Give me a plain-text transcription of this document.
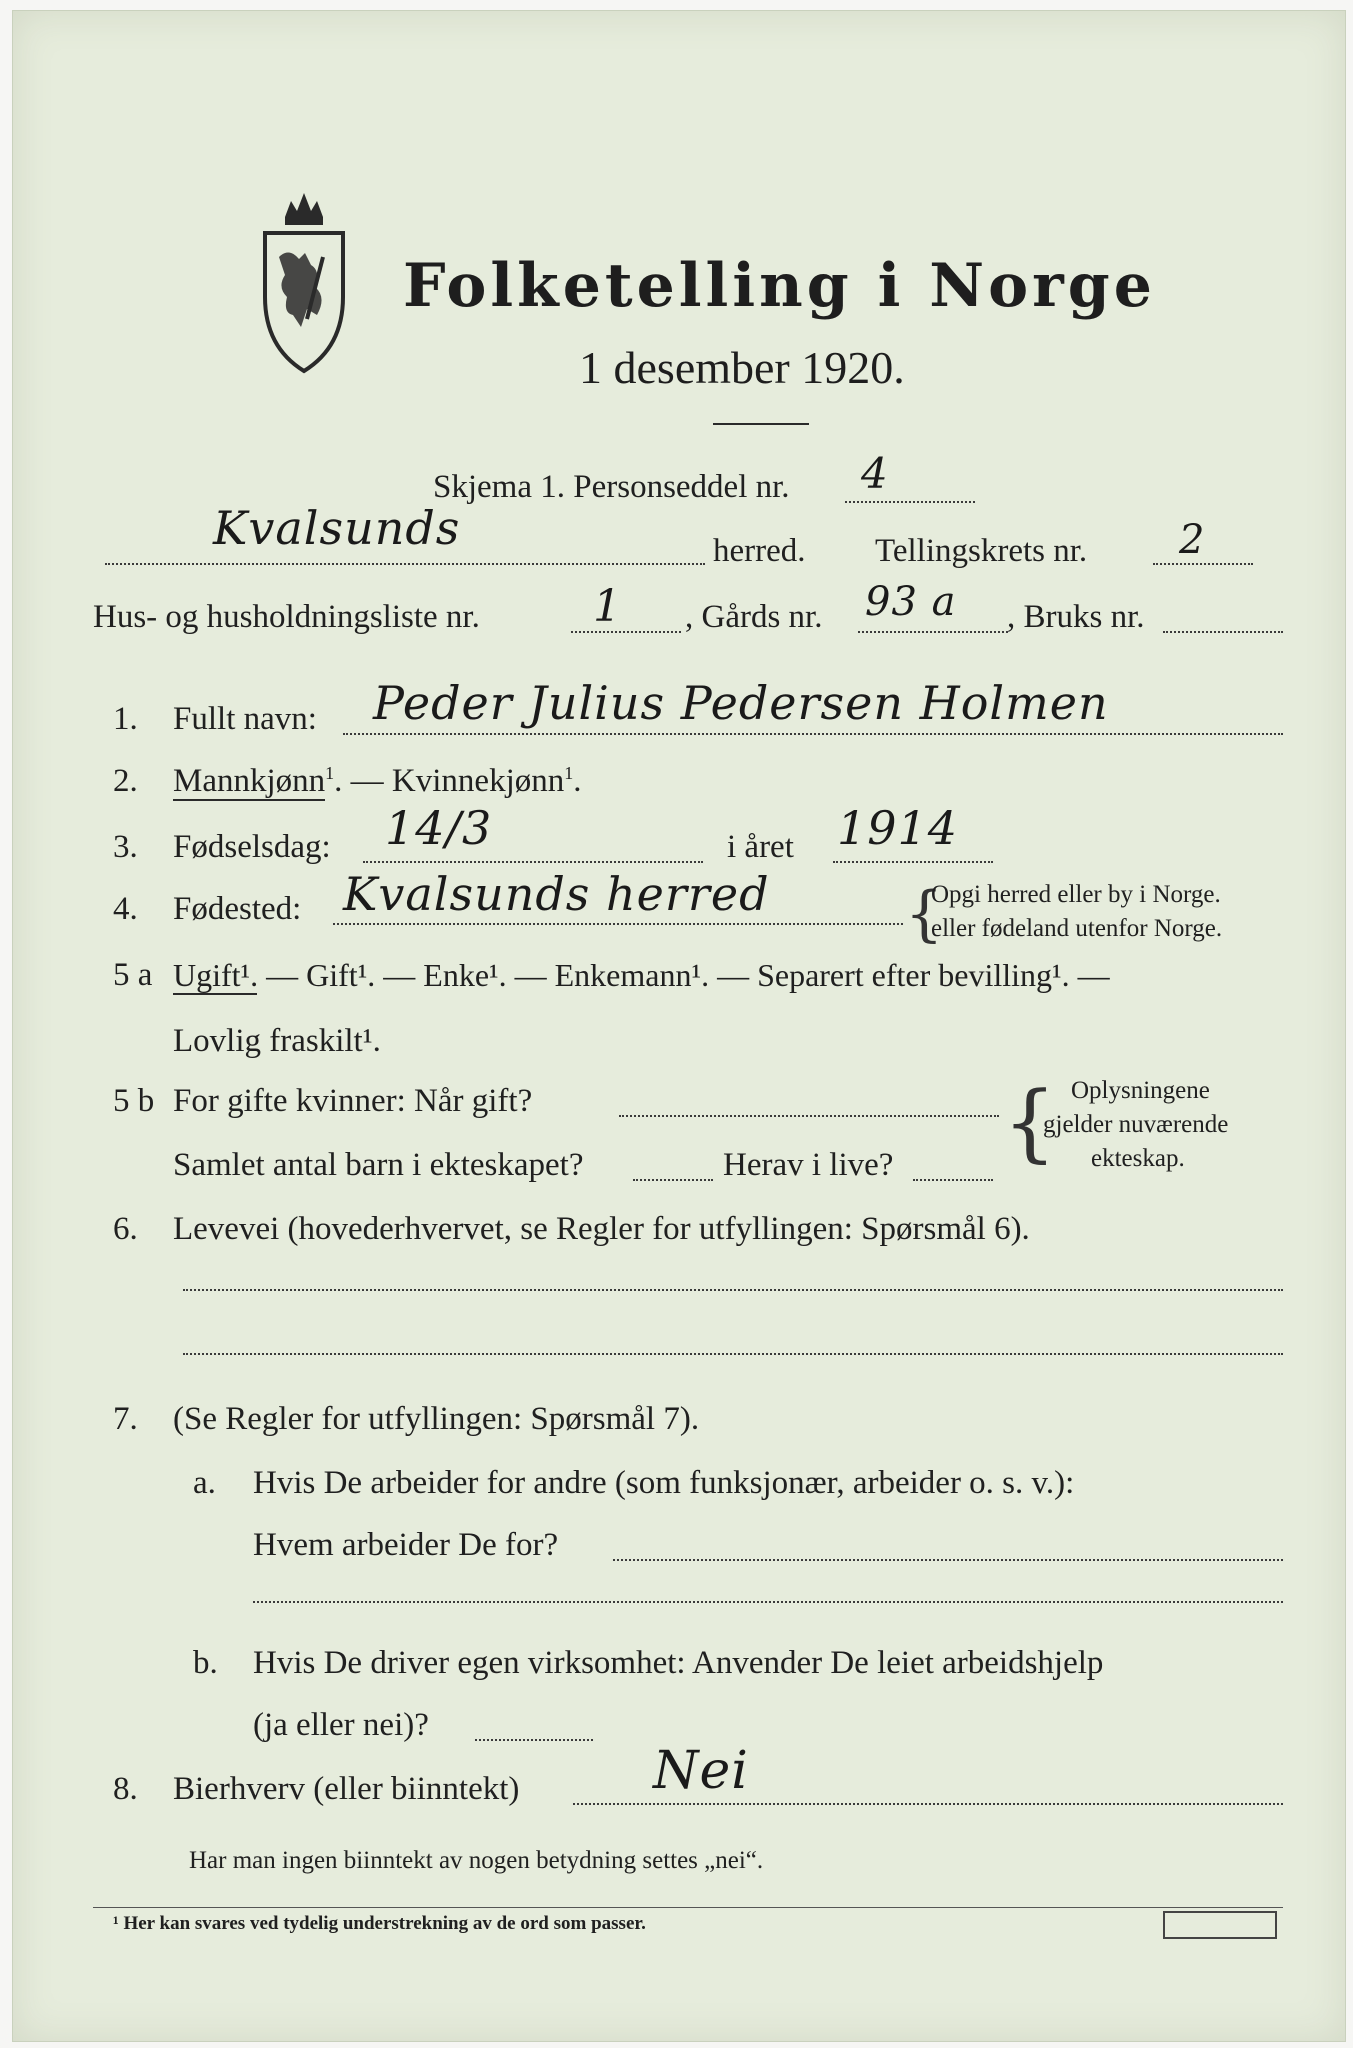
Folketelling i Norge
1 desember 1920.
Skjema 1. Personseddel nr. 4
Kvalsunds	herred. Tellingskrets nr. 2
Hus- og husholdningsliste nr.	1 , Gårds nr. 93 a , Bruks nr.
1. Fullt navn: Peder Julius Pedersen Holmen
2. Mannkjønn$^1$. — Kvinnekjønn$^1$.
3. Fødselsdag: 14/3	i året 1914
4. Fødested: Kvalsunds herred {
Opgi herred eller by i Norge.
eller fødeland utenfor Norge.
5 a Ugift¹. — Gift¹. — Enke¹. — Enkemann¹. — Separert efter bevilling¹. —
Lovlig fraskilt¹.
5 b For gifte kvinner: Når gift?
Samlet antal barn i ekteskapet?	Herav i live? { Oplysningene
gjelder nuværende
ekteskap.
6. Levevei (hovederhvervet, se Regler for utfyllingen: Spørsmål 6).
7. (Se Regler for utfyllingen: Spørsmål 7).
a. Hvis De arbeider for andre (som funksjonær, arbeider o. s. v.):
Hvem arbeider De for?
b. Hvis De driver egen virksomhet: Anvender De leiet arbeidshjelp
(ja eller nei)?
8. Bierhverv (eller biinntekt)	Nei
Har man ingen biinntekt av nogen betydning settes „nei“.
¹ Her kan svares ved tydelig understrekning av de ord som passer.
